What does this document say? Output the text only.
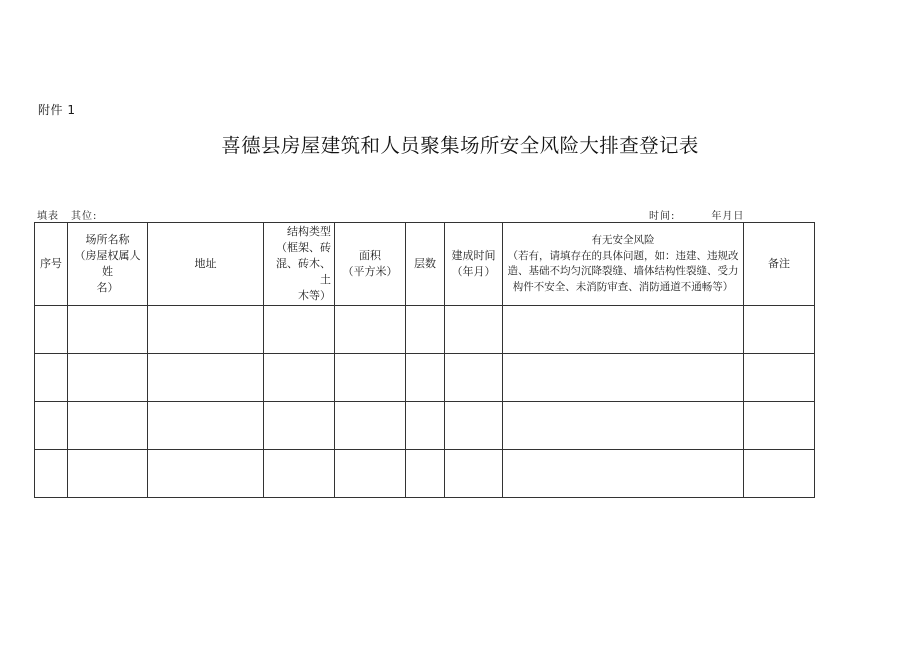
附件 1
喜德县房屋建筑和人员聚集场所安全风险大排查登记表
填表 其位:	时间:	年月日
序号	场所名称
（房屋权属人姓
名）	地址	结构类型
（框架、砖
混、砖木、土
木等）	面积
（平方米）	层数	建成时间
（年月）	有无安全风险
（若有，请填存在的具体问题，如：违建、违规改
造、基础不均匀沉降裂缝、墙体结构性裂缝、受力
构件不安全、未消防审查、消防通道不通畅等）	备注
